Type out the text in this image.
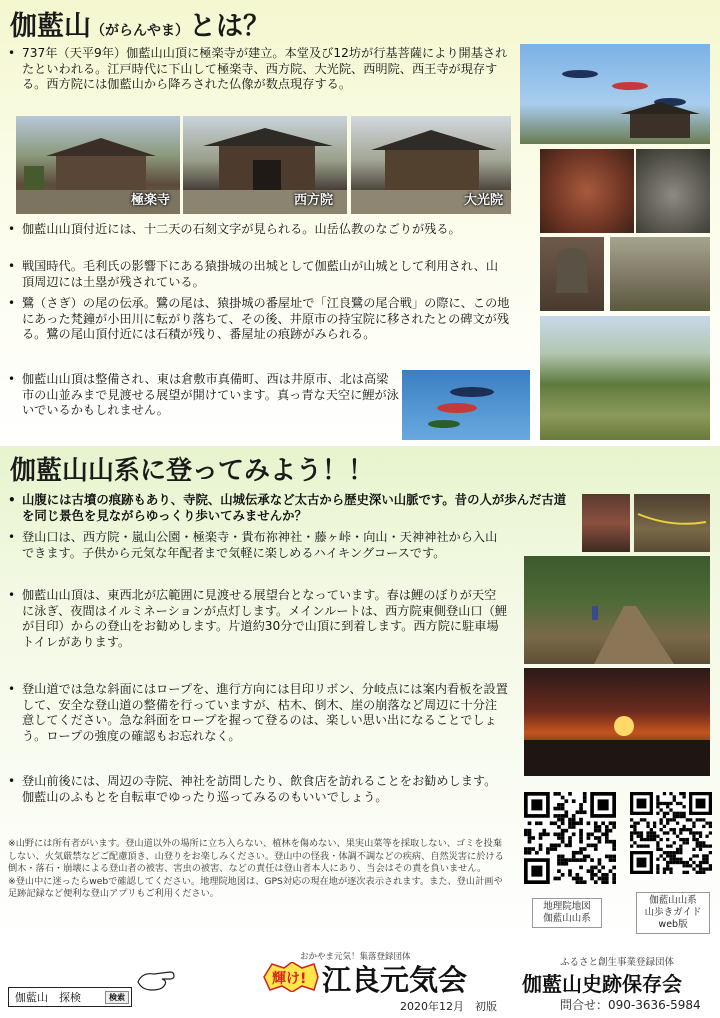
伽藍山（がらんやま）とは？
• 737年（天平9年）伽藍山山頂に極楽寺が建立。本堂及び12坊が行基菩薩により開基されたといわれる。江戸時代に下山して極楽寺、西方院、大光院、西明院、西王寺が現存する。西方院には伽藍山から降ろされた仏像が数点現存する。
極楽寺	西方院	大光院
• 伽藍山山頂付近には、十二天の石刻文字が見られる。山岳仏教のなごりが残る。
• 戦国時代。毛利氏の影響下にある猿掛城の出城として伽藍山が山城として利用され、山頂周辺には土塁が残されている。
• 鷺（さぎ）の尾の伝承。鷺の尾は、猿掛城の番屋址で「江良鷺の尾合戦」の際に、この地にあった梵鐘が小田川に転がり落ちて、その後、井原市の持宝院に移されたとの碑文が残る。鷺の尾山頂付近には石積が残り、番屋址の痕跡がみられる。
• 伽藍山山頂は整備され、東は倉敷市真備町、西は井原市、北は高梁市の山並みまで見渡せる展望が開けています。真っ青な天空に鯉が泳いでいるかもしれません。
伽藍山山系に登ってみよう！！
• 山腹には古墳の痕跡もあり、寺院、山城伝承など太古から歴史深い山脈です。昔の人が歩んだ古道を同じ景色を見ながらゆっくり歩いてみませんか？
• 登山口は、西方院・嵐山公園・極楽寺・貴布祢神社・藤ヶ峠・向山・天神神社から入山できます。子供から元気な年配者まで気軽に楽しめるハイキングコースです。
• 伽藍山山頂は、東西北が広範囲に見渡せる展望台となっています。春は鯉のぼりが天空に泳ぎ、夜間はイルミネーションが点灯します。メインルートは、西方院東側登山口（鯉が目印）からの登山をお勧めします。片道約30分で山頂に到着します。西方院に駐車場トイレがあります。
• 登山道では急な斜面にはロープを、進行方向には目印リボン、分岐点には案内看板を設置して、安全な登山道の整備を行っていますが、枯木、倒木、崖の崩落など周辺に十分注意してください。急な斜面をロープを握って登るのは、楽しい思い出になることでしょう。ロープの強度の確認もお忘れなく。
• 登山前後には、周辺の寺院、神社を訪問したり、飲食店を訪れることをお勧めします。伽藍山のふもとを自転車でゆったり巡ってみるのもいいでしょう。
地理院地図
伽藍山山系
伽藍山山系
山歩きガイド
web版
※山野には所有者がいます。登山道以外の場所に立ち入らない、植林を傷めない、果実山菜等を採取しない、ゴミを投棄しない、火気厳禁などご配慮頂き、山登りをお楽しみください。登山中の怪我・体調不調などの疾病、自然災害に於ける倒木・落石・崩壊による登山者の被害、害虫の被害、などの責任は登山者本人にあり、当会はその責を負いません。
※登山中に迷ったらwebで確認してください。地理院地図は、GPS対応の現在地が逐次表示されます。また、登山計画や足跡記録など便利な登山アプリもご利用ください。
伽藍山　探検	検索
おかやま元気！集落登録団体
輝け! 江良元気会
ふるさと創生事業登録団体
伽藍山史跡保存会
2020年12月　初版	問合せ：090-3636-5984
